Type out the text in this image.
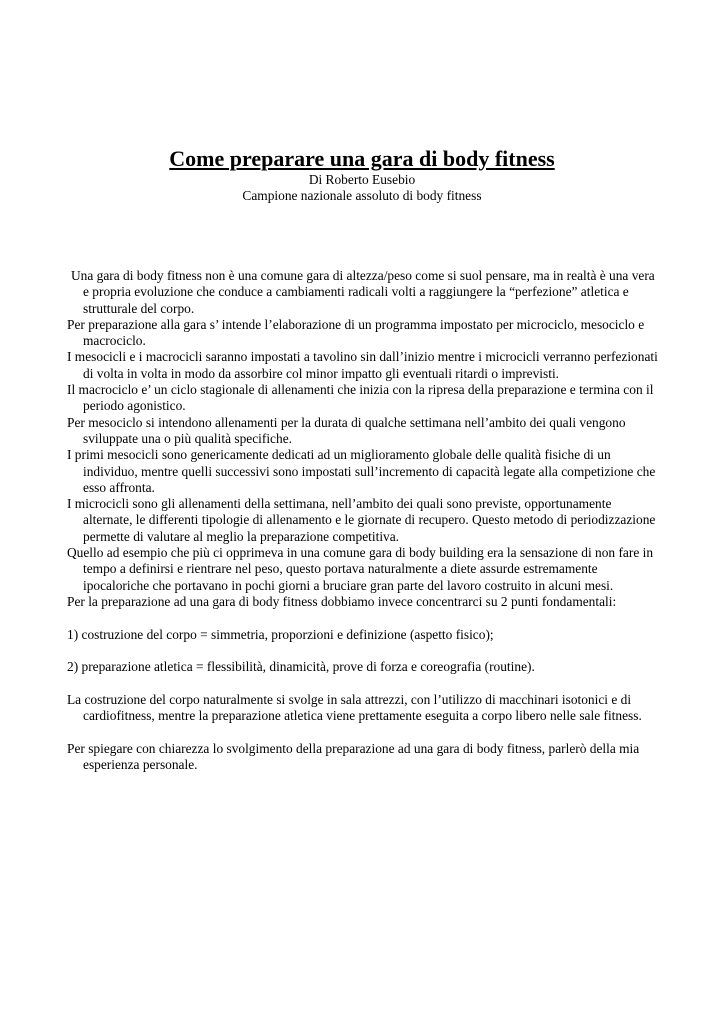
Come preparare una gara di body fitness

Di Roberto Eusebio

Campione nazionale assoluto di body fitness

Una gara di body fitness non è una comune gara di altezza/peso come si suol pensare, ma in realtà è una vera e propria evoluzione che conduce a cambiamenti radicali volti a raggiungere la “perfezione” atletica e strutturale del corpo.

Per preparazione alla gara s’ intende l’elaborazione di un programma impostato per microciclo, mesociclo e macrociclo.

I mesocicli e i macrocicli saranno impostati a tavolino sin dall’inizio mentre i microcicli verranno perfezionati di volta in volta in modo da assorbire col minor impatto gli eventuali ritardi o imprevisti.

Il macrociclo e’ un ciclo stagionale di allenamenti che inizia con la ripresa della preparazione e termina con il periodo agonistico.

Per mesociclo si intendono allenamenti per la durata di qualche settimana nell’ambito dei quali vengono sviluppate una o più qualità specifiche.

I primi mesocicli sono genericamente dedicati ad un miglioramento globale delle qualità fisiche di un individuo, mentre quelli successivi sono impostati sull’incremento di capacità legate alla competizione che esso affronta.

I microcicli sono gli allenamenti della settimana, nell’ambito dei quali sono previste, opportunamente alternate, le differenti tipologie di allenamento e le giornate di recupero. Questo metodo di periodizzazione permette di valutare al meglio la preparazione competitiva.

Quello ad esempio che più ci opprimeva in una comune gara di body building era la sensazione di non fare in tempo a definirsi e rientrare nel peso, questo portava naturalmente a diete assurde estremamente ipocaloriche che portavano in pochi giorni a bruciare gran parte del lavoro costruito in alcuni mesi.

Per la preparazione ad una gara di body fitness dobbiamo invece concentrarci su 2 punti fondamentali:

1) costruzione del corpo = simmetria, proporzioni e definizione (aspetto fisico);

2) preparazione atletica = flessibilità, dinamicità, prove di forza e coreografia (routine).

La costruzione del corpo naturalmente si svolge in sala attrezzi, con l’utilizzo di macchinari isotonici e di cardiofitness, mentre la preparazione atletica viene prettamente eseguita a corpo libero nelle sale fitness.

Per spiegare con chiarezza lo svolgimento della preparazione ad una gara di body fitness, parlerò della mia esperienza personale.
